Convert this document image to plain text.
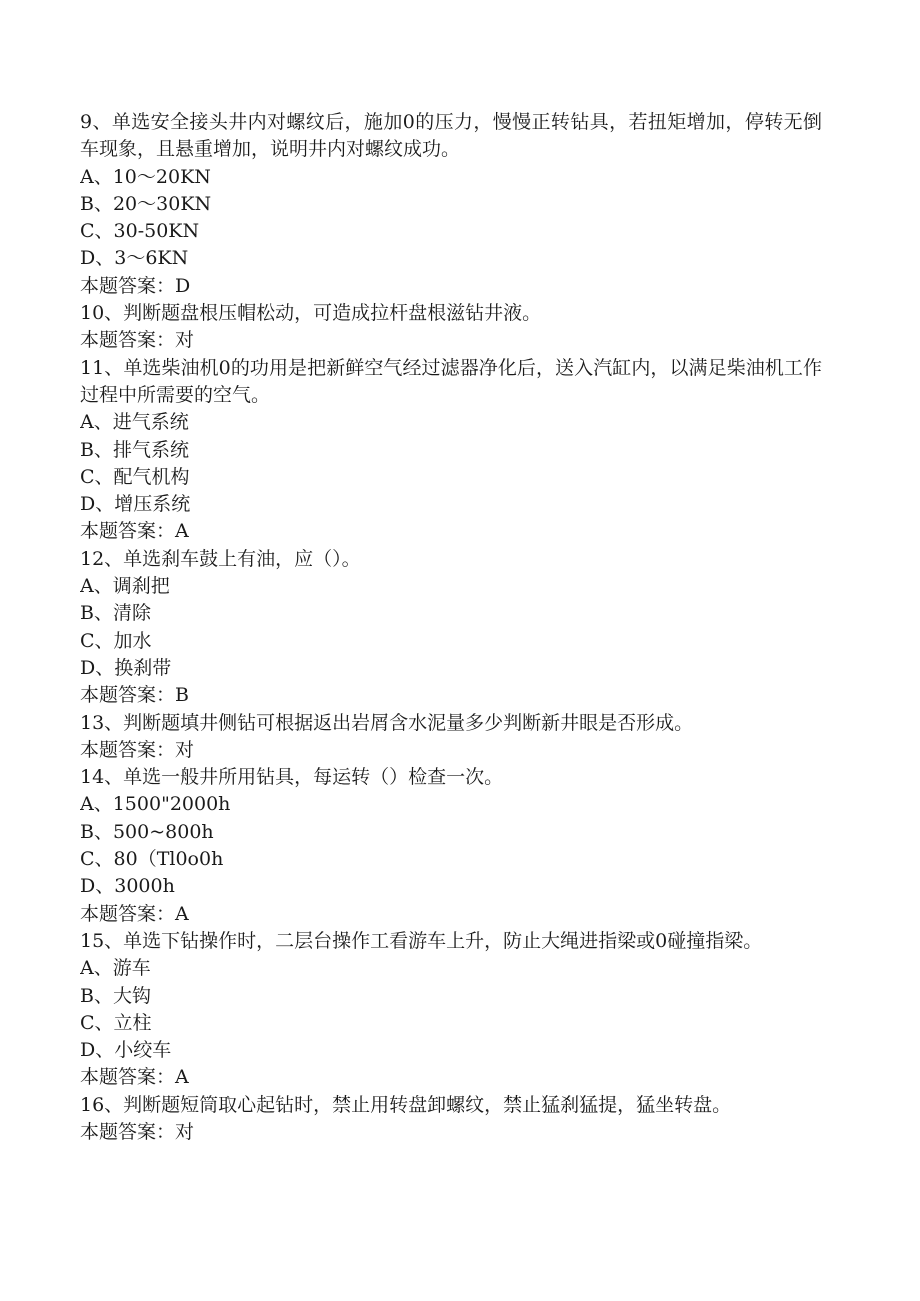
9、单选安全接头井内对螺纹后，施加0的压力，慢慢正转钻具，若扭矩增加，停转无倒车现象，且悬重增加，说明井内对螺纹成功。
A、10～20KN
B、20～30KN
C、30-50KN
D、3～6KN
本题答案：D
10、判断题盘根压帽松动，可造成拉杆盘根滋钻井液。
本题答案：对
11、单选柴油机0的功用是把新鲜空气经过滤器净化后，送入汽缸内，以满足柴油机工作过程中所需要的空气。
A、进气系统
B、排气系统
C、配气机构
D、增压系统
本题答案：A
12、单选刹车鼓上有油，应（）。
A、调刹把
B、清除
C、加水
D、换刹带
本题答案：B
13、判断题填井侧钻可根据返出岩屑含水泥量多少判断新井眼是否形成。
本题答案：对
14、单选一般井所用钻具，每运转（）检查一次。
A、1500"2000h
B、500~800h
C、80（Tl0o0h
D、3000h
本题答案：A
15、单选下钻操作时，二层台操作工看游车上升，防止大绳进指梁或0碰撞指梁。
A、游车
B、大钩
C、立柱
D、小绞车
本题答案：A
16、判断题短筒取心起钻时，禁止用转盘卸螺纹，禁止猛刹猛提，猛坐转盘。
本题答案：对
